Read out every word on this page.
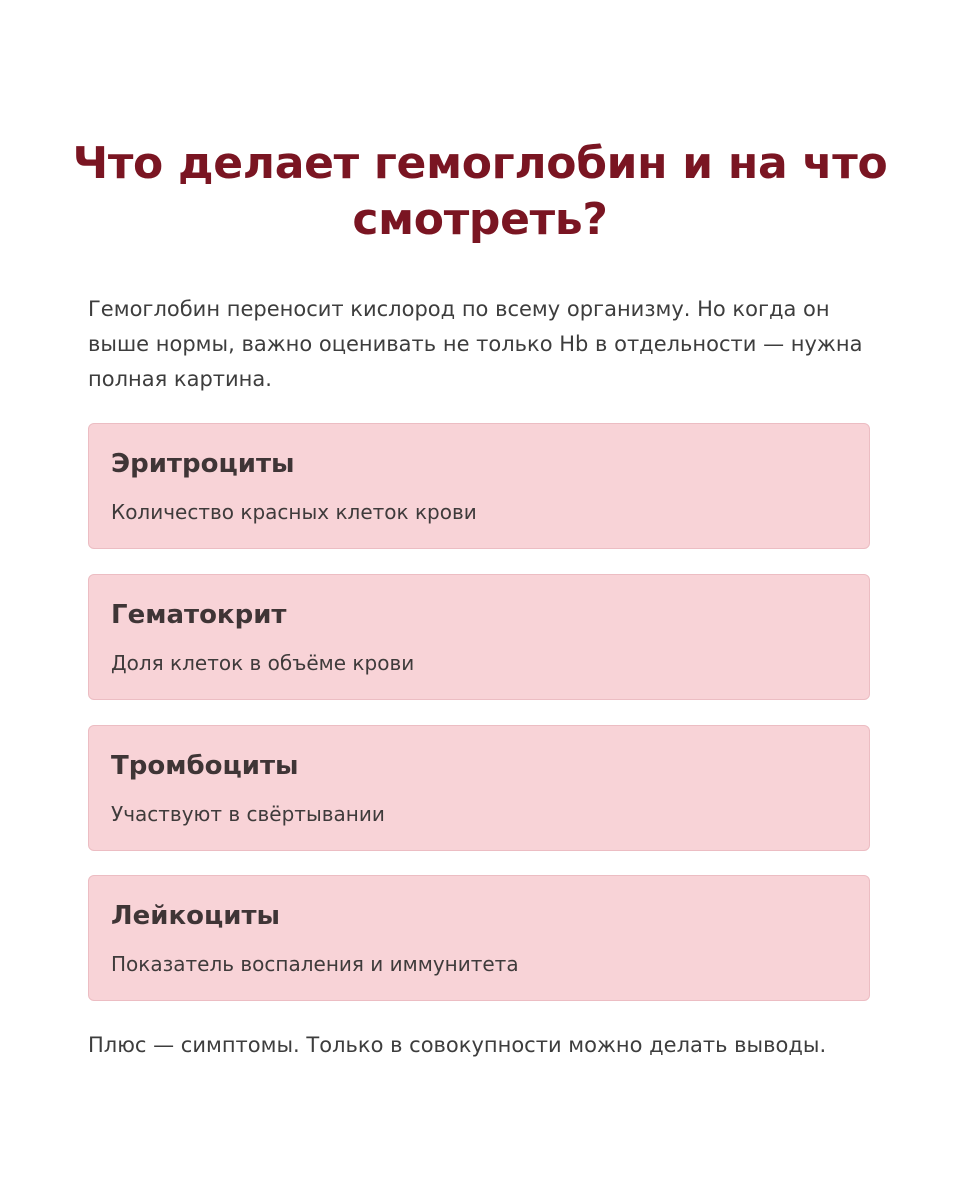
Что делает гемоглобин и на что смотреть?

Гемоглобин переносит кислород по всему организму. Но когда он выше нормы, важно оценивать не только Hb в отдельности — нужна полная картина.

Эритроциты
Количество красных клеток крови
Гематокрит
Доля клеток в объёме крови
Тромбоциты
Участвуют в свёртывании
Лейкоциты
Показатель воспаления и иммунитета

Плюс — симптомы. Только в совокупности можно делать выводы.
